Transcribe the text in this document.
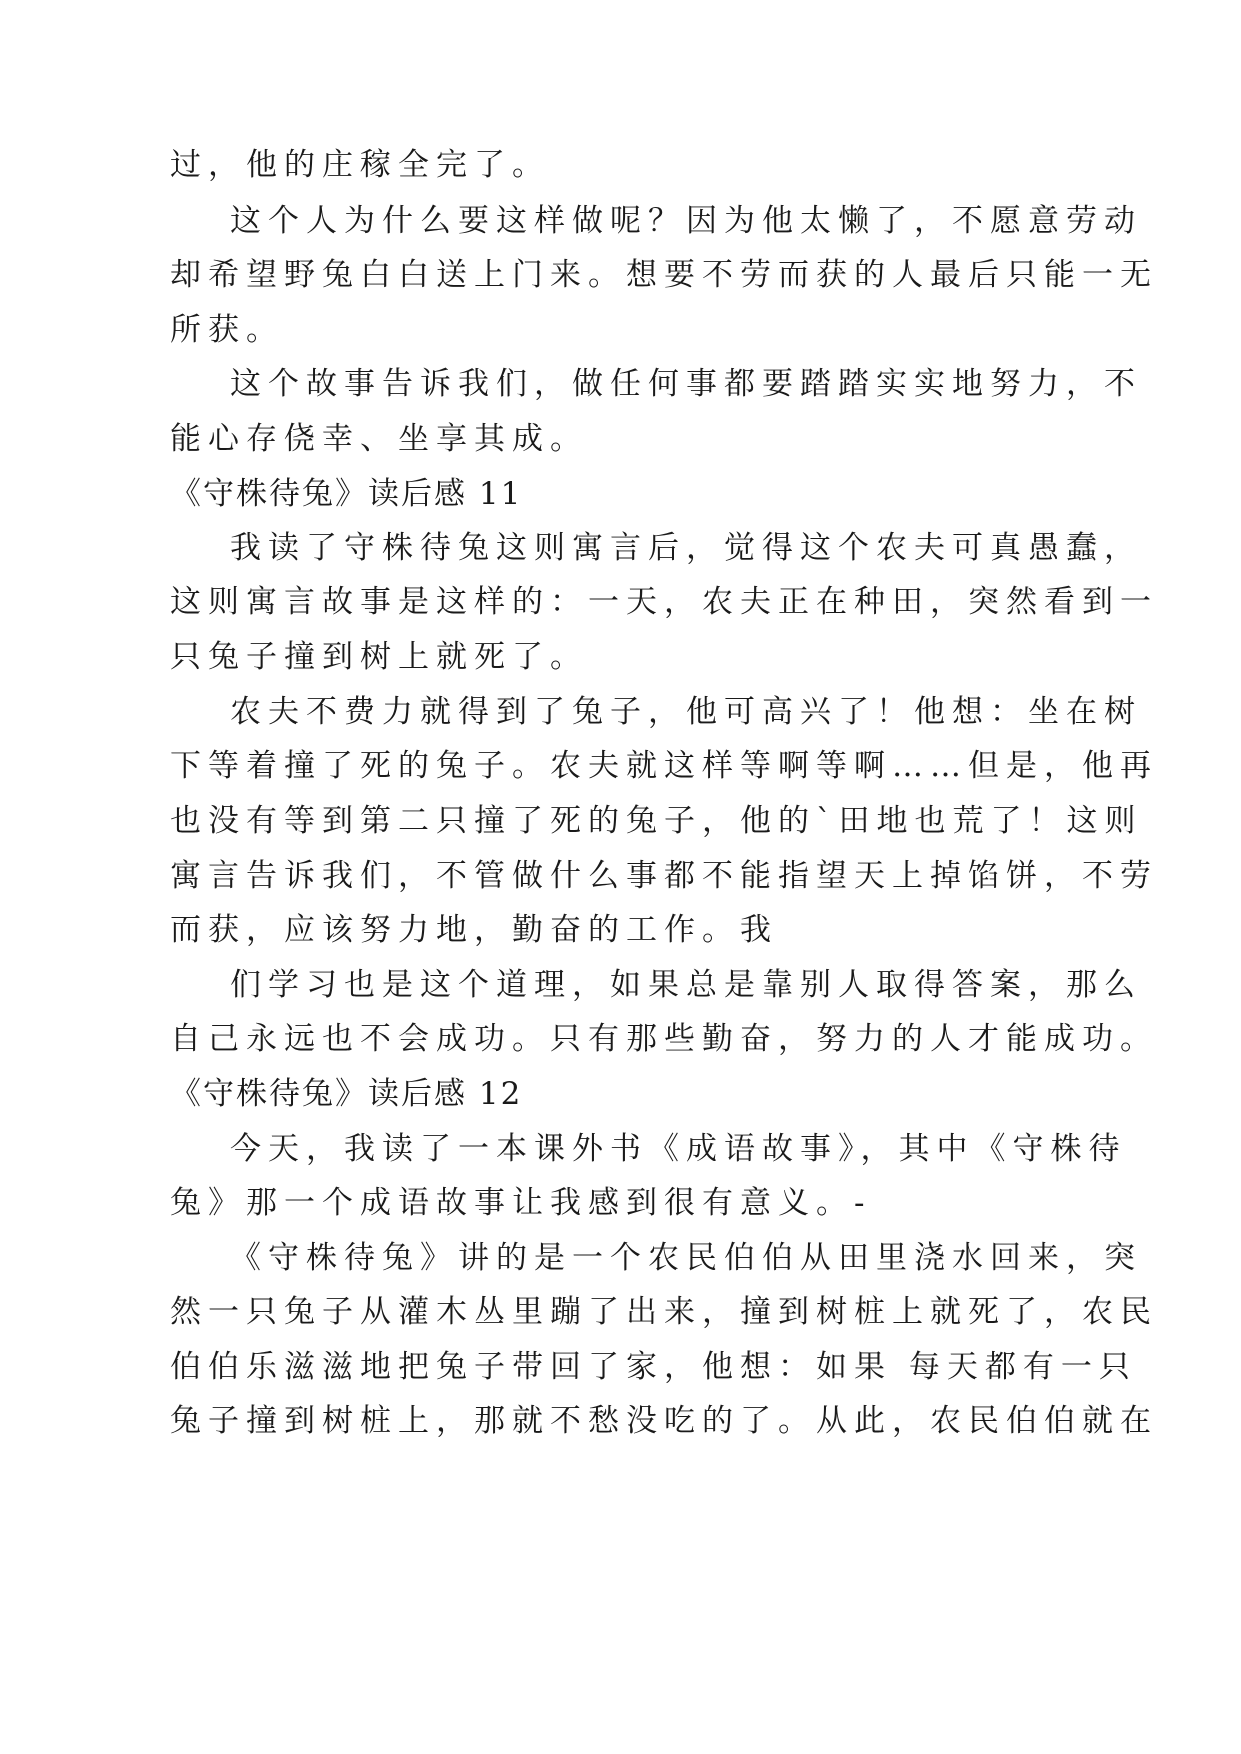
过，他的庄稼全完了。
这个人为什么要这样做呢？因为他太懒了，不愿意劳动
却希望野兔白白送上门来。想要不劳而获的人最后只能一无
所获。
这个故事告诉我们，做任何事都要踏踏实实地努力，不
能心存侥幸、坐享其成。
《守株待兔》读后感 11
我读了守株待兔这则寓言后，觉得这个农夫可真愚蠢，
这则寓言故事是这样的：一天，农夫正在种田，突然看到一
只兔子撞到树上就死了。
农夫不费力就得到了兔子，他可高兴了！他想：坐在树
下等着撞了死的兔子。农夫就这样等啊等啊……但是，他再
也没有等到第二只撞了死的兔子，他的`田地也荒了！这则
寓言告诉我们，不管做什么事都不能指望天上掉馅饼，不劳
而获，应该努力地，勤奋的工作。我
们学习也是这个道理，如果总是靠别人取得答案，那么
自己永远也不会成功。只有那些勤奋，努力的人才能成功。
《守株待兔》读后感 12
今天，我读了一本课外书《成语故事》，其中《守株待
兔》那一个成语故事让我感到很有意义。-
《守株待兔》讲的是一个农民伯伯从田里浇水回来，突
然一只兔子从灌木丛里蹦了出来，撞到树桩上就死了，农民
伯伯乐滋滋地把兔子带回了家，他想：如果 每天都有一只
兔子撞到树桩上，那就不愁没吃的了。从此，农民伯伯就在
